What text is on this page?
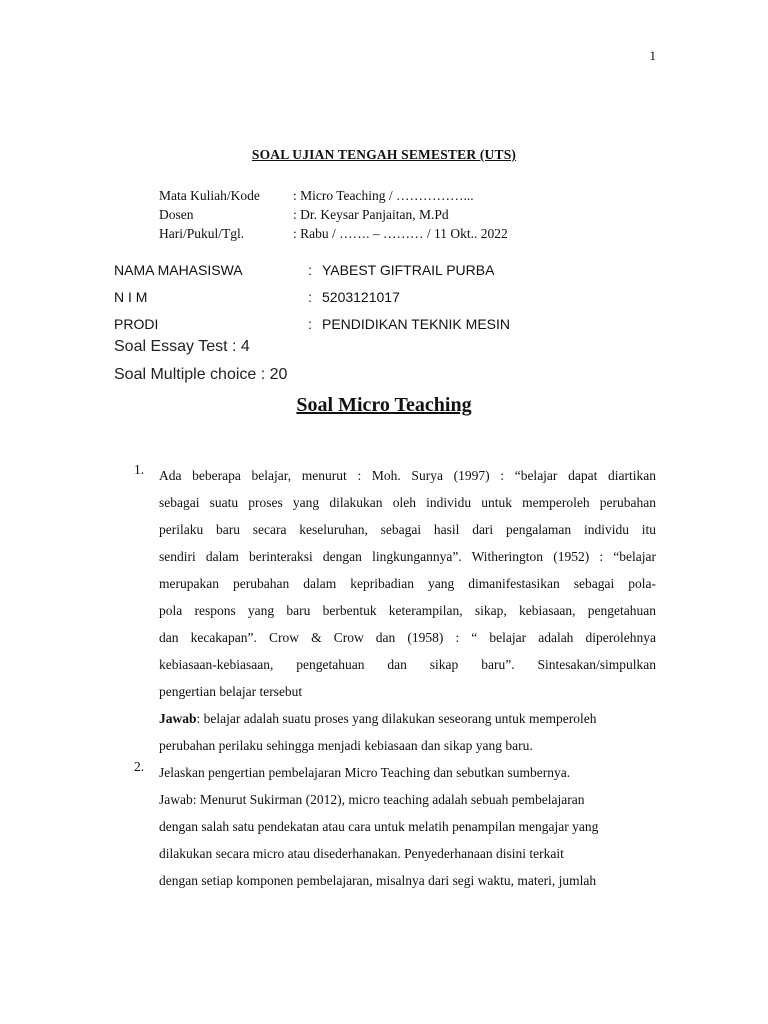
1
SOAL UJIAN TENGAH SEMESTER (UTS)
Mata Kuliah/Kode	: Micro Teaching / ……………...
Dosen	: Dr. Keysar Panjaitan, M.Pd
Hari/Pukul/Tgl.	: Rabu / ……. – ……… / 11 Okt.. 2022
NAMA MAHASISWA	: YABEST GIFTRAIL PURBA
N I M	: 5203121017
PRODI	: PENDIDIKAN TEKNIK MESIN
Soal Essay Test : 4
Soal Multiple choice : 20
Soal Micro Teaching
1.	Ada beberapa belajar, menurut : Moh. Surya (1997) : “belajar dapat diartikan

sebagai suatu proses yang dilakukan oleh individu untuk memperoleh perubahan

perilaku baru secara keseluruhan, sebagai hasil dari pengalaman individu itu

sendiri dalam berinteraksi dengan lingkungannya”. Witherington (1952) : “belajar

merupakan perubahan dalam kepribadian yang dimanifestasikan sebagai pola-

pola respons yang baru berbentuk keterampilan, sikap, kebiasaan, pengetahuan

dan kecakapan”. Crow & Crow dan (1958) : “ belajar adalah diperolehnya

kebiasaan-kebiasaan, pengetahuan dan sikap baru”. Sintesakan/simpulkan

pengertian belajar tersebut

Jawab: belajar adalah suatu proses yang dilakukan seseorang untuk memperoleh

perubahan perilaku sehingga menjadi kebiasaan dan sikap yang baru.

2.	Jelaskan pengertian pembelajaran Micro Teaching dan sebutkan sumbernya.

Jawab: Menurut Sukirman (2012), micro teaching adalah sebuah pembelajaran

dengan salah satu pendekatan atau cara untuk melatih penampilan mengajar yang

dilakukan secara micro atau disederhanakan. Penyederhanaan disini terkait

dengan setiap komponen pembelajaran, misalnya dari segi waktu, materi, jumlah
